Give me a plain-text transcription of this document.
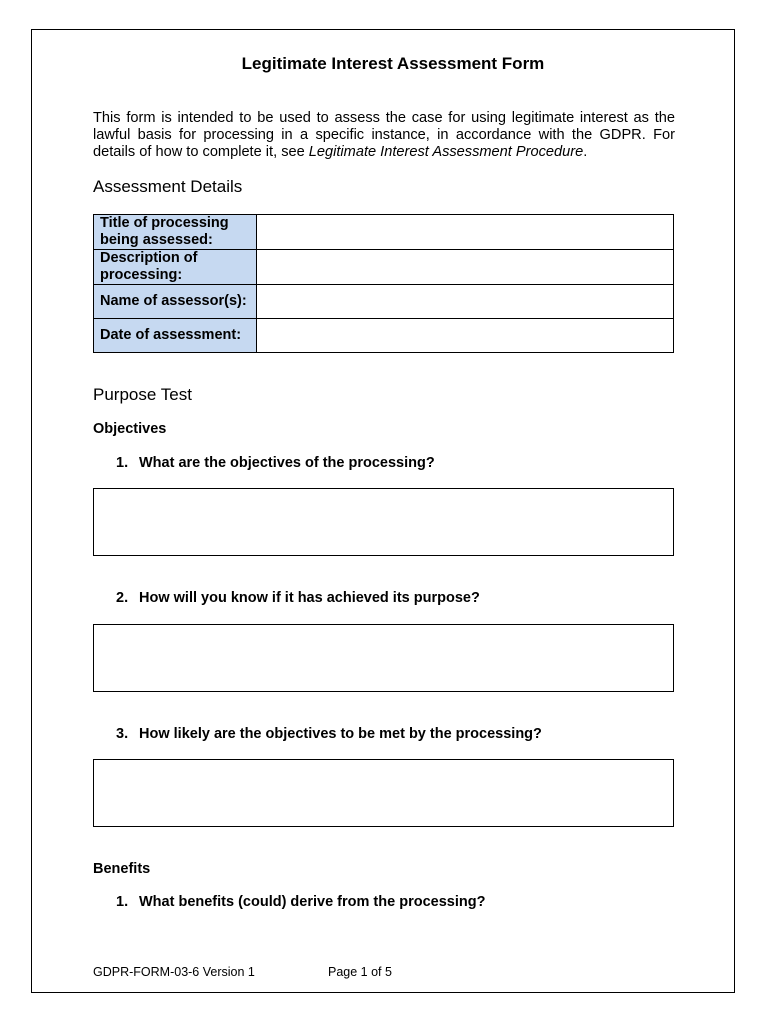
Legitimate Interest Assessment Form
This form is intended to be used to assess the case for using legitimate interest as the lawful basis for processing in a specific instance, in accordance with the GDPR. For details of how to complete it, see Legitimate Interest Assessment Procedure.
Assessment Details
Title of processing being assessed:	
Description of processing:	
Name of assessor(s):	
Date of assessment:	
Purpose Test
Objectives
1. What are the objectives of the processing?
2. How will you know if it has achieved its purpose?
3. How likely are the objectives to be met by the processing?
Benefits
1. What benefits (could) derive from the processing?
GDPR-FORM-03-6 Version 1	Page 1 of 5
